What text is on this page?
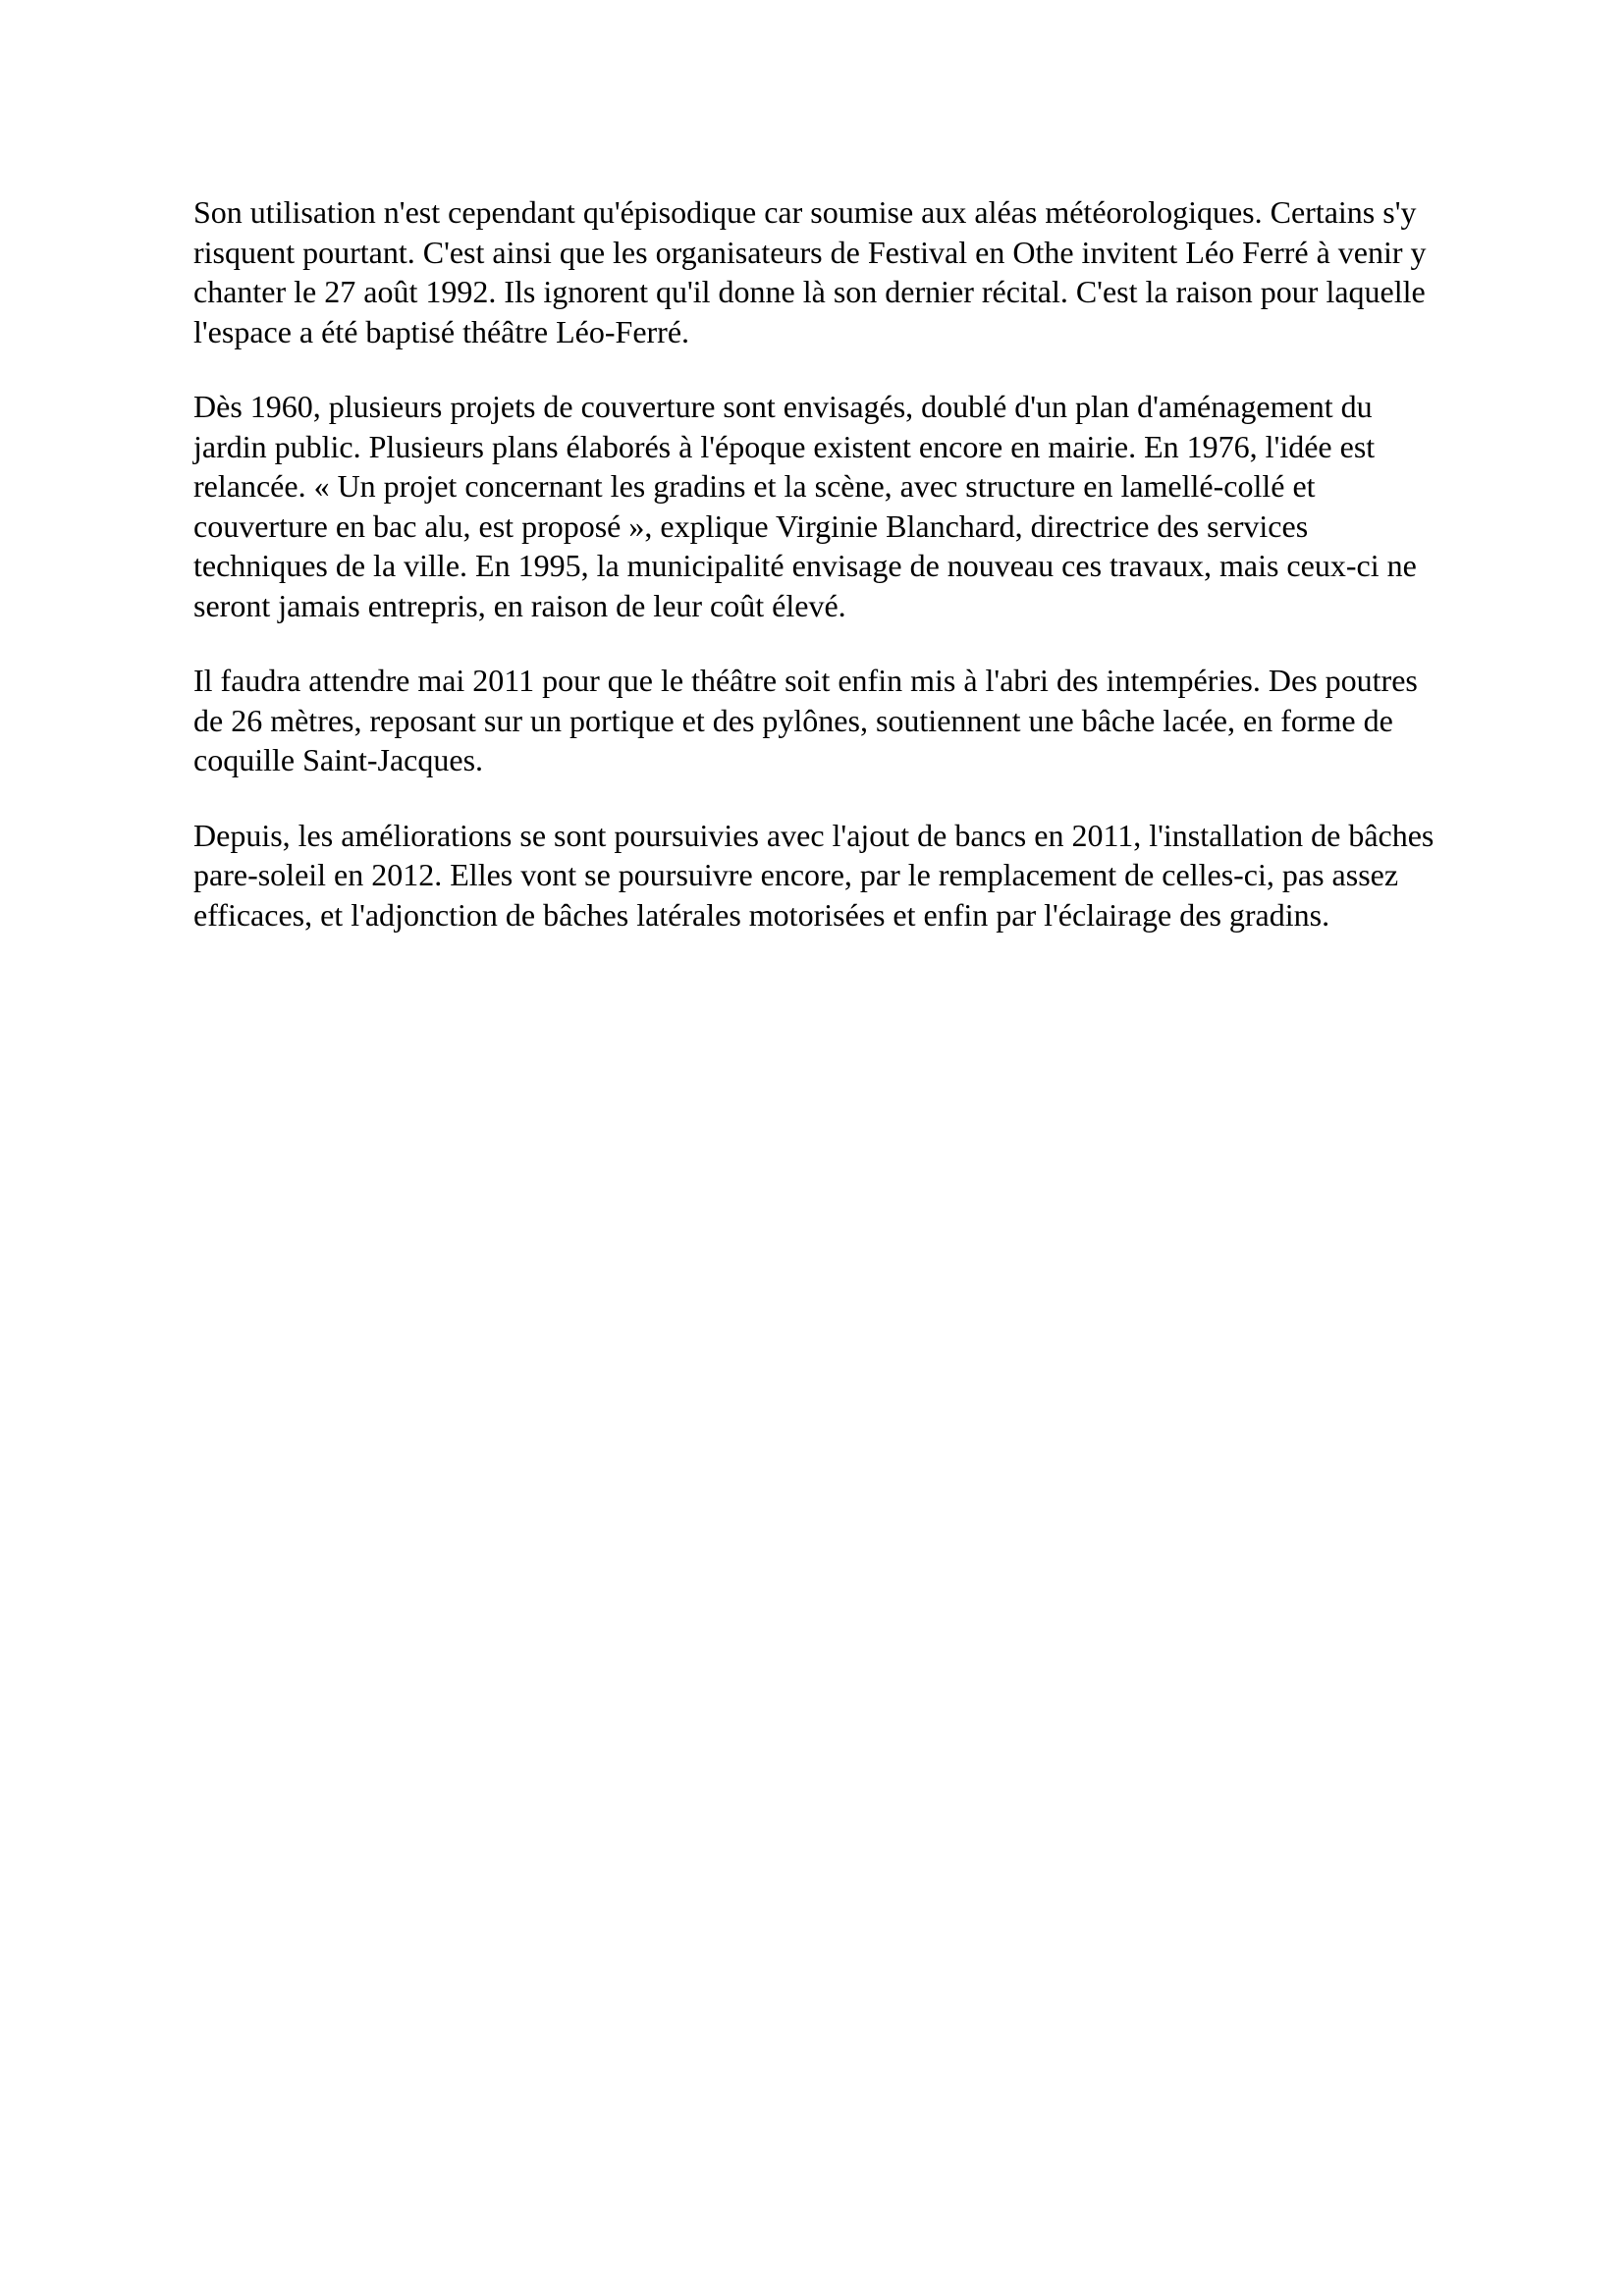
Son utilisation n'est cependant qu'épisodique car soumise aux aléas météorologiques. Certains s'y risquent pourtant. C'est ainsi que les organisateurs de Festival en Othe invitent Léo Ferré à venir y chanter le 27 août 1992. Ils ignorent qu'il donne là son dernier récital. C'est la raison pour laquelle l'espace a été baptisé théâtre Léo-Ferré.

Dès 1960, plusieurs projets de couverture sont envisagés, doublé d'un plan d'aménagement du jardin public. Plusieurs plans élaborés à l'époque existent encore en mairie. En 1976, l'idée est relancée. « Un projet concernant les gradins et la scène, avec structure en lamellé-collé et couverture en bac alu, est proposé », explique Virginie Blanchard, directrice des services techniques de la ville. En 1995, la municipalité envisage de nouveau ces travaux, mais ceux-ci ne seront jamais entrepris, en raison de leur coût élevé.

Il faudra attendre mai 2011 pour que le théâtre soit enfin mis à l'abri des intempéries. Des poutres de 26 mètres, reposant sur un portique et des pylônes, soutiennent une bâche lacée, en forme de coquille Saint-Jacques.

Depuis, les améliorations se sont poursuivies avec l'ajout de bancs en 2011, l'installation de bâches pare-soleil en 2012. Elles vont se poursuivre encore, par le remplacement de celles-ci, pas assez efficaces, et l'adjonction de bâches latérales motorisées et enfin par l'éclairage des gradins.
